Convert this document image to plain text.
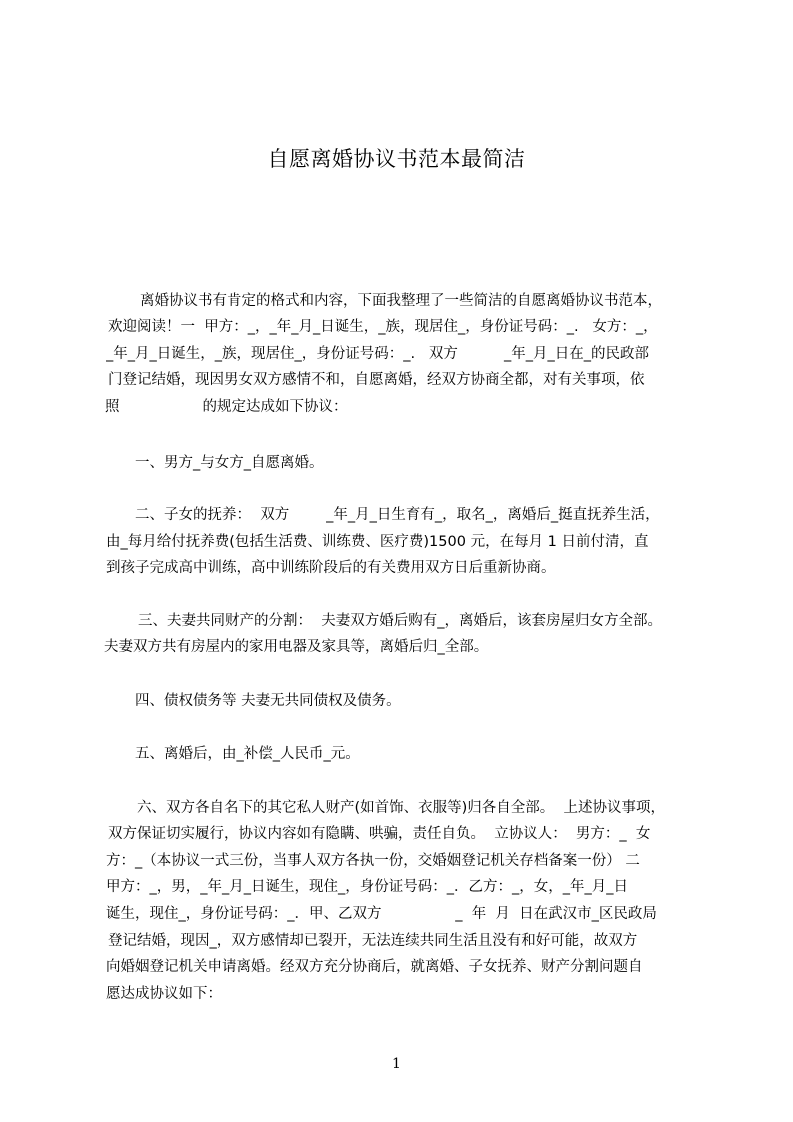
自愿离婚协议书范本最简洁
离婚协议书有肯定的格式和内容，下面我整理了一些简洁的自愿离婚协议书范本，
欢迎阅读！一  甲方：_，_年_月_日诞生，_族，现居住_，身份证号码：_.   女方：_，
_年_月_日诞生，_族，现居住_，身份证号码：_.   双方          _年_月_日在_的民政部
门登记结婚，现因男女双方感情不和，自愿离婚，经双方协商全都，对有关事项，依
照                  的规定达成如下协议：
一、男方_与女方_自愿离婚。
二、子女的抚养：  双方        _年_月_日生育有_，取名_，离婚后_挺直抚养生活，
由_每月给付抚养费(包括生活费、训练费、医疗费)1500 元，在每月 1 日前付清，直
到孩子完成高中训练，高中训练阶段后的有关费用双方日后重新协商。
三、夫妻共同财产的分割：  夫妻双方婚后购有_，离婚后，该套房屋归女方全部。
夫妻双方共有房屋内的家用电器及家具等，离婚后归_全部。
四、债权债务等 夫妻无共同债权及债务。
五、离婚后，由_补偿_人民币_元。
六、双方各自名下的其它私人财产(如首饰、衣服等)归各自全部。  上述协议事项，
双方保证切实履行，协议内容如有隐瞒、哄骗，责任自负。  立协议人：  男方：_  女
方：_（本协议一式三份，当事人双方各执一份，交婚姻登记机关存档备案一份） 二
甲方：_，男，_年_月_日诞生，现住_，身份证号码：_．乙方：_，女，_年_月_日
诞生，现住_，身份证号码：_．甲、乙双方                _  年  月  日在武汉市_区民政局
登记结婚，现因_，双方感情却已裂开，无法连续共同生活且没有和好可能，故双方
向婚姻登记机关申请离婚。经双方充分协商后，就离婚、子女抚养、财产分割问题自
愿达成协议如下：
1
